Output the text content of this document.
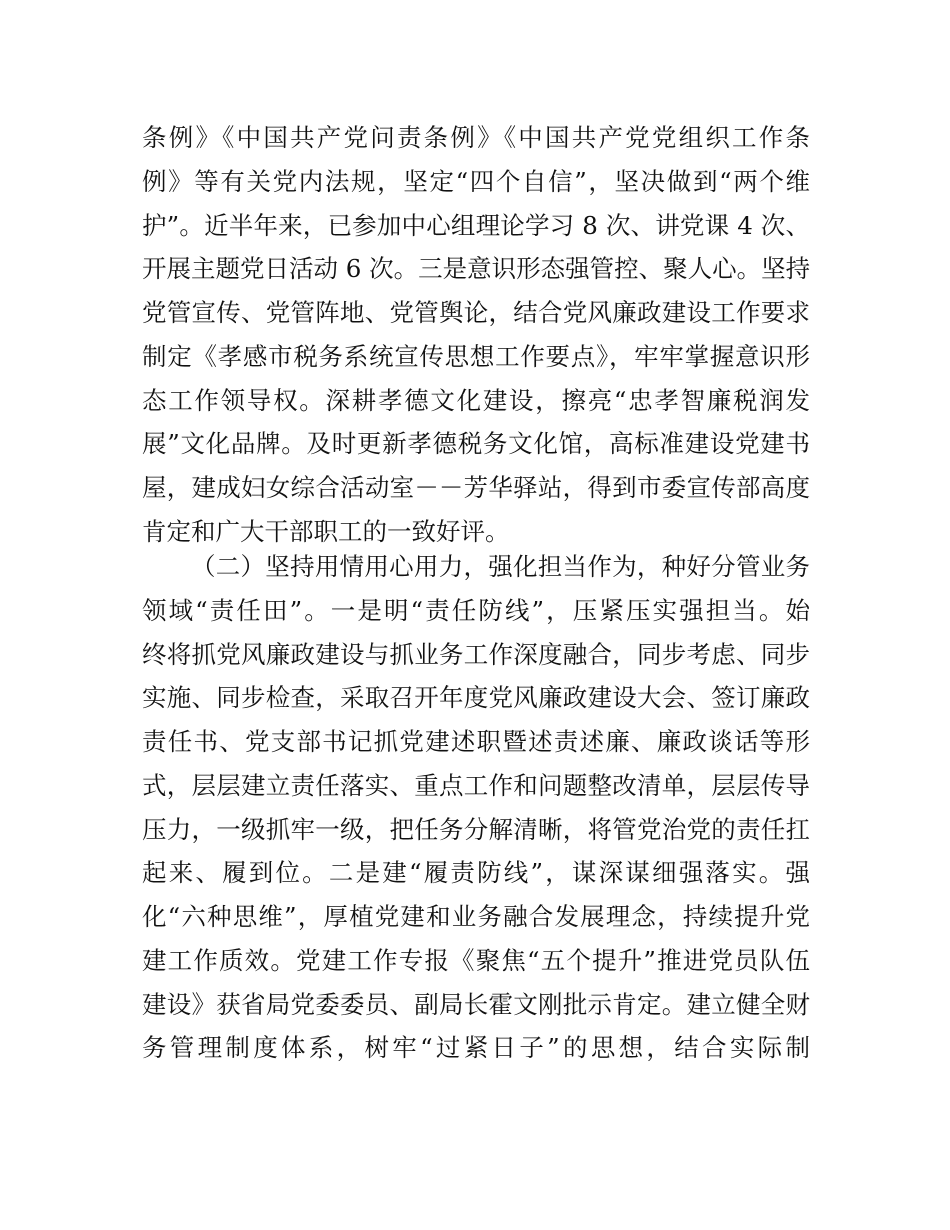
条例》《中国共产党问责条例》《中国共产党党组织工作条
例》等有关党内法规，坚定“四个自信”，坚决做到“两个维
护”。近半年来，已参加中心组理论学习 8 次、讲党课 4 次、
开展主题党日活动 6 次。三是意识形态强管控、聚人心。坚持
党管宣传、党管阵地、党管舆论，结合党风廉政建设工作要求
制定《孝感市税务系统宣传思想工作要点》，牢牢掌握意识形
态工作领导权。深耕孝德文化建设，擦亮“忠孝智廉税润发
展”文化品牌。及时更新孝德税务文化馆，高标准建设党建书
屋，建成妇女综合活动室－－芳华驿站，得到市委宣传部高度
肯定和广大干部职工的一致好评。
（二）坚持用情用心用力，强化担当作为，种好分管业务
领域“责任田”。一是明“责任防线”，压紧压实强担当。始
终将抓党风廉政建设与抓业务工作深度融合，同步考虑、同步
实施、同步检查，采取召开年度党风廉政建设大会、签订廉政
责任书、党支部书记抓党建述职暨述责述廉、廉政谈话等形
式，层层建立责任落实、重点工作和问题整改清单，层层传导
压力，一级抓牢一级，把任务分解清晰，将管党治党的责任扛
起来、履到位。二是建“履责防线”，谋深谋细强落实。强
化“六种思维”，厚植党建和业务融合发展理念，持续提升党
建工作质效。党建工作专报《聚焦“五个提升”推进党员队伍
建设》获省局党委委员、副局长霍文刚批示肯定。建立健全财
务管理制度体系，树牢“过紧日子”的思想，结合实际制
